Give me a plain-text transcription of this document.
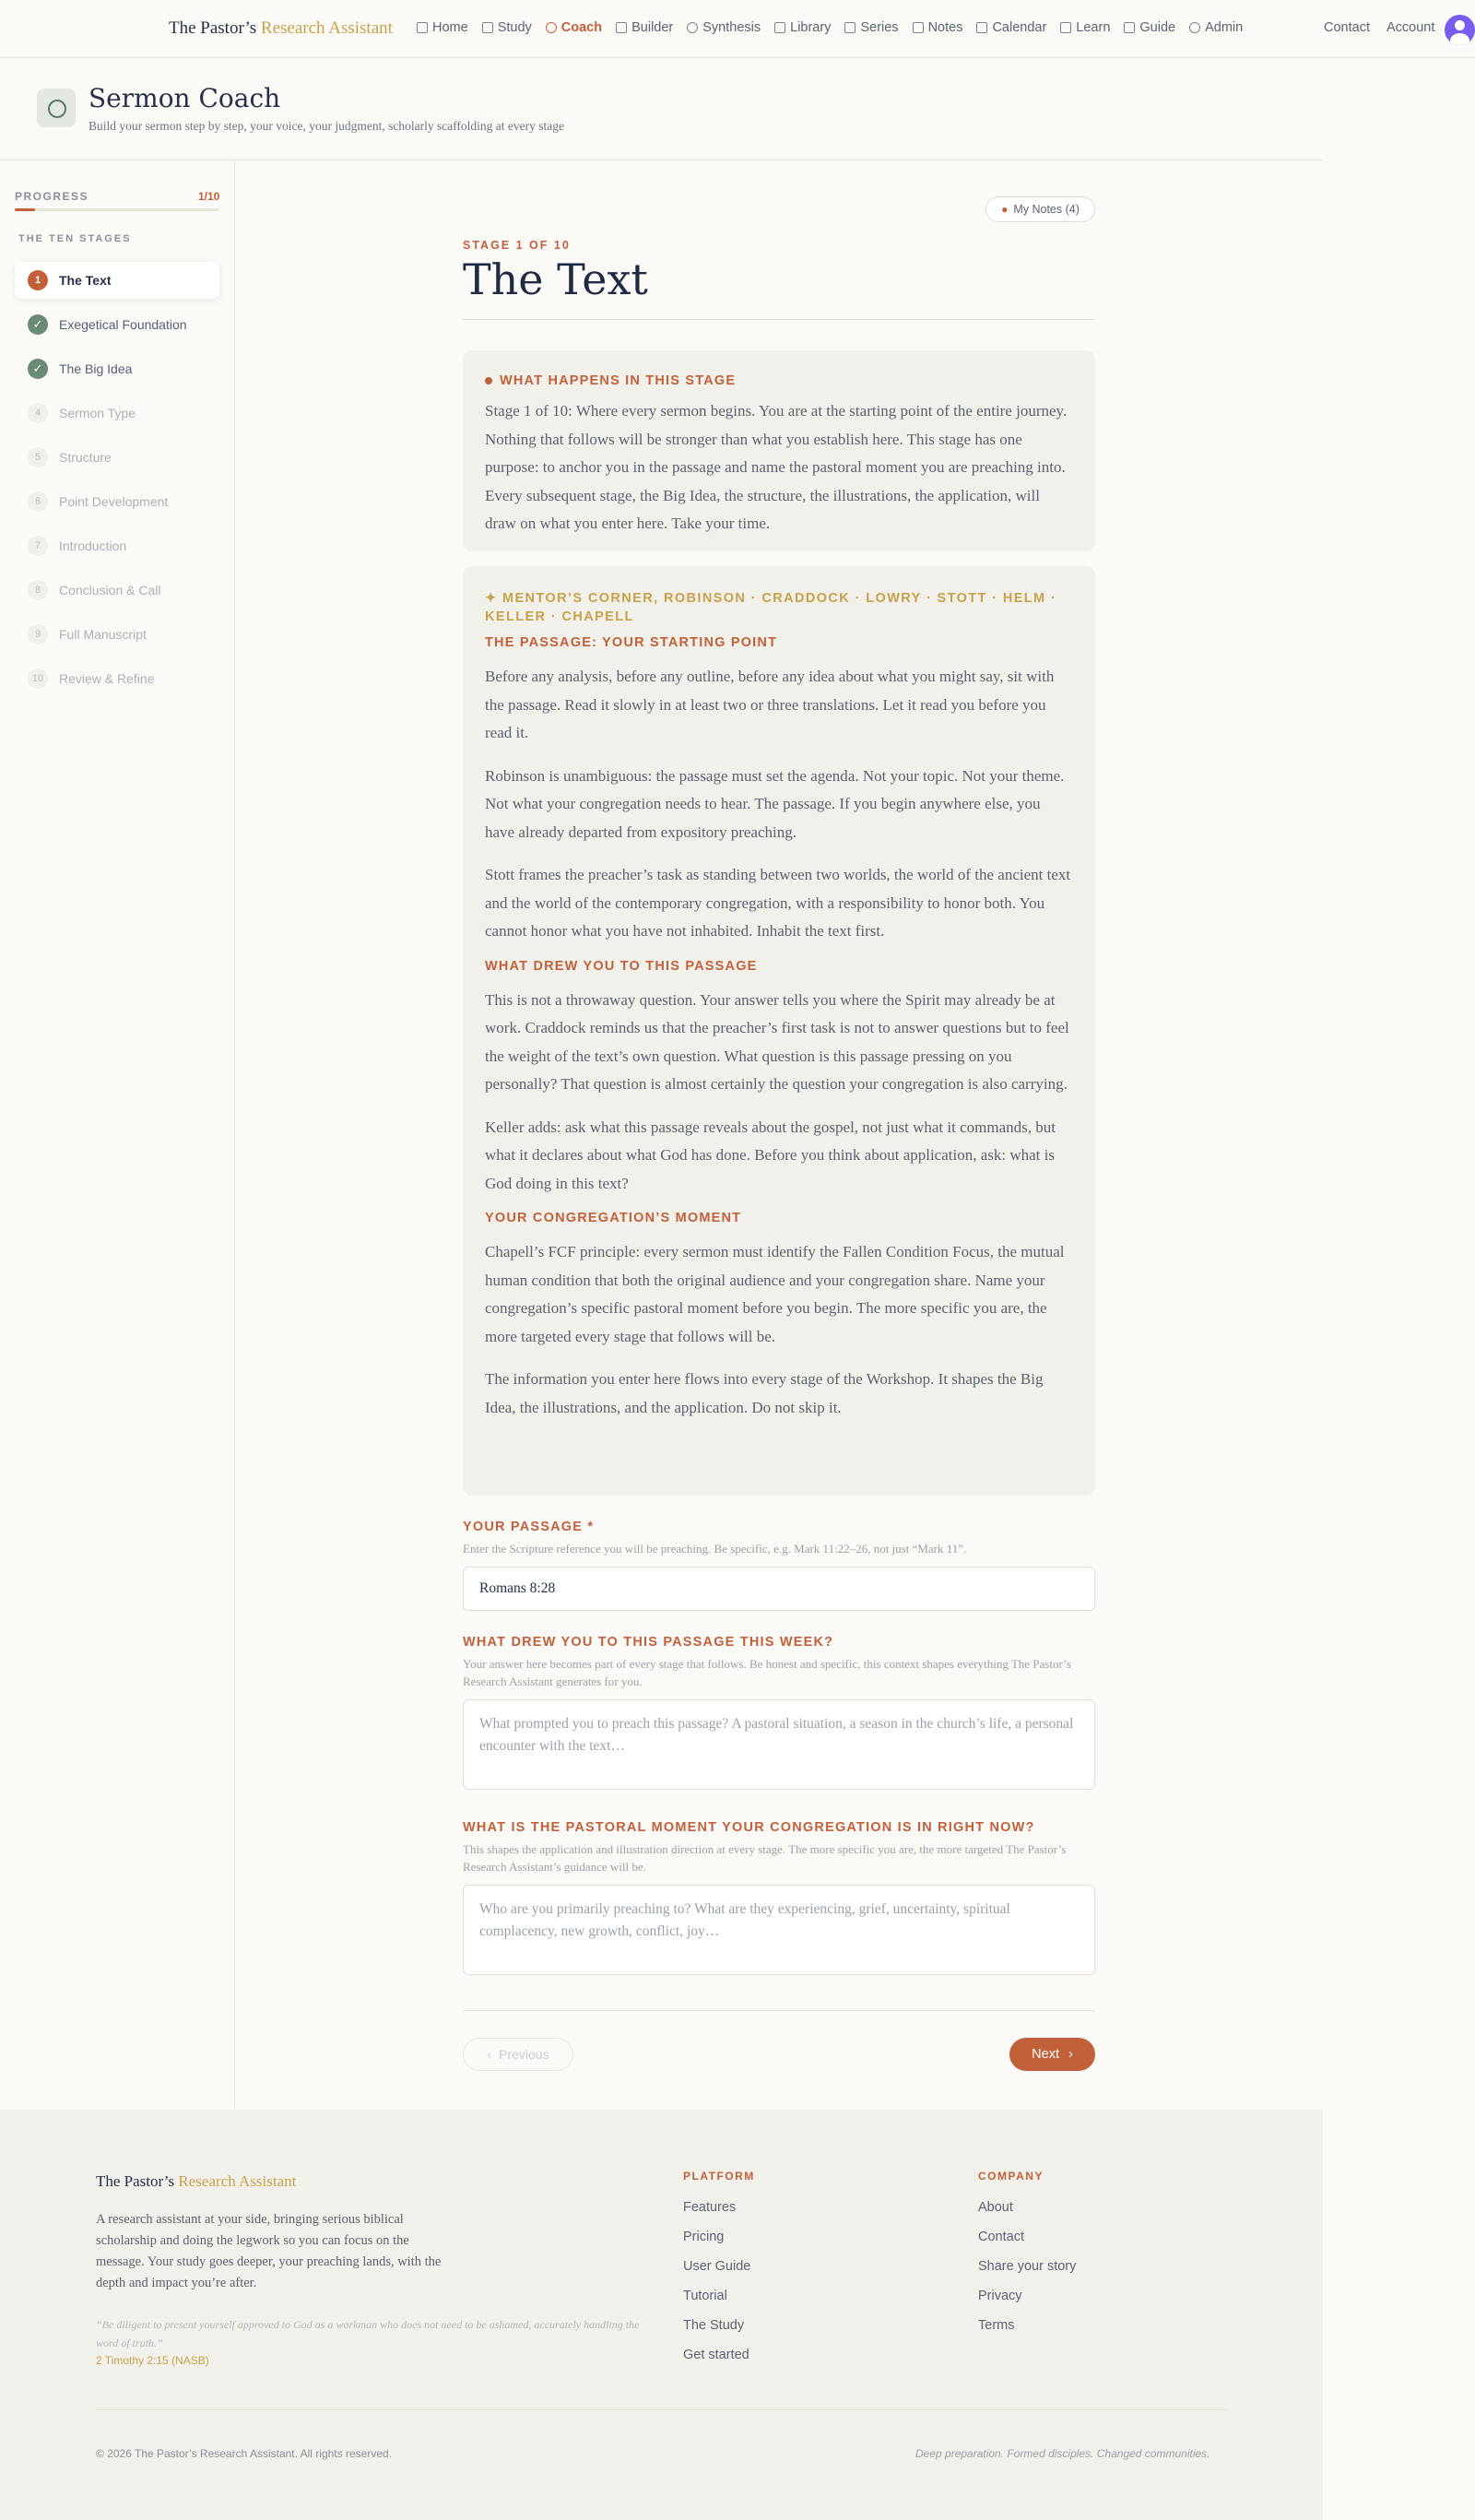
The Pastor’s Research Assistant	Home Study Coach Builder Synthesis Library Series Notes Calendar Learn Guide Admin	Contact Account
Sermon Coach
Build your sermon step by step, your voice, your judgment, scholarly scaffolding at every stage
PROGRESS	1/10
THE TEN STAGES
1	The Text
✓	Exegetical Foundation
✓	The Big Idea
4	Sermon Type
5	Structure
6	Point Development
7	Introduction
8	Conclusion & Call
9	Full Manuscript
10	Review & Refine
● My Notes (4)
STAGE 1 OF 10
The Text
WHAT HAPPENS IN THIS STAGE

Stage 1 of 10: Where every sermon begins. You are at the starting point of the entire journey. Nothing that follows will be stronger than what you establish here. This stage has one purpose: to anchor you in the passage and name the pastoral moment you are preaching into. Every subsequent stage, the Big Idea, the structure, the illustrations, the application, will draw on what you enter here. Take your time.

✦ MENTOR’S CORNER, ROBINSON · CRADDOCK · LOWRY · STOTT · HELM · KELLER · CHAPELL
THE PASSAGE: YOUR STARTING POINT

Before any analysis, before any outline, before any idea about what you might say, sit with the passage. Read it slowly in at least two or three translations. Let it read you before you read it.

Robinson is unambiguous: the passage must set the agenda. Not your topic. Not your theme. Not what your congregation needs to hear. The passage. If you begin anywhere else, you have already departed from expository preaching.

Stott frames the preacher’s task as standing between two worlds, the world of the ancient text and the world of the contemporary congregation, with a responsibility to honor both. You cannot honor what you have not inhabited. Inhabit the text first.

WHAT DREW YOU TO THIS PASSAGE

This is not a throwaway question. Your answer tells you where the Spirit may already be at work. Craddock reminds us that the preacher’s first task is not to answer questions but to feel the weight of the text’s own question. What question is this passage pressing on you personally? That question is almost certainly the question your congregation is also carrying.

Keller adds: ask what this passage reveals about the gospel, not just what it commands, but what it declares about what God has done. Before you think about application, ask: what is God doing in this text?

YOUR CONGREGATION’S MOMENT

Chapell’s FCF principle: every sermon must identify the Fallen Condition Focus, the mutual human condition that both the original audience and your congregation share. Name your congregation’s specific pastoral moment before you begin. The more specific you are, the more targeted every stage that follows will be.

The information you enter here flows into every stage of the Workshop. It shapes the Big Idea, the illustrations, and the application. Do not skip it.

YOUR PASSAGE *
Enter the Scripture reference you will be preaching. Be specific, e.g. Mark 11:22–26, not just “Mark 11”.
Romans 8:28
WHAT DREW YOU TO THIS PASSAGE THIS WEEK?
Your answer here becomes part of every stage that follows. Be honest and specific, this context shapes everything The Pastor’s Research Assistant generates for you.
What prompted you to preach this passage? A pastoral situation, a season in the church’s life, a personal encounter with the text…
WHAT IS THE PASTORAL MOMENT YOUR CONGREGATION IS IN RIGHT NOW?
This shapes the application and illustration direction at every stage. The more specific you are, the more targeted The Pastor’s Research Assistant’s guidance will be.
Who are you primarily preaching to? What are they experiencing, grief, uncertainty, spiritual complacency, new growth, conflict, joy…
‹ Previous	Next ›
The Pastor’s Research Assistant
A research assistant at your side, bringing serious biblical scholarship and doing the legwork so you can focus on the message. Your study goes deeper, your preaching lands, with the depth and impact you’re after.
“Be diligent to present yourself approved to God as a workman who does not need to be ashamed, accurately handling the word of truth.”
2 Timothy 2:15 (NASB)
PLATFORM
Features
Pricing
User Guide
Tutorial
The Study
Get started
COMPANY
About
Contact
Share your story
Privacy
Terms
© 2026 The Pastor’s Research Assistant. All rights reserved.	Deep preparation. Formed disciples. Changed communities.
